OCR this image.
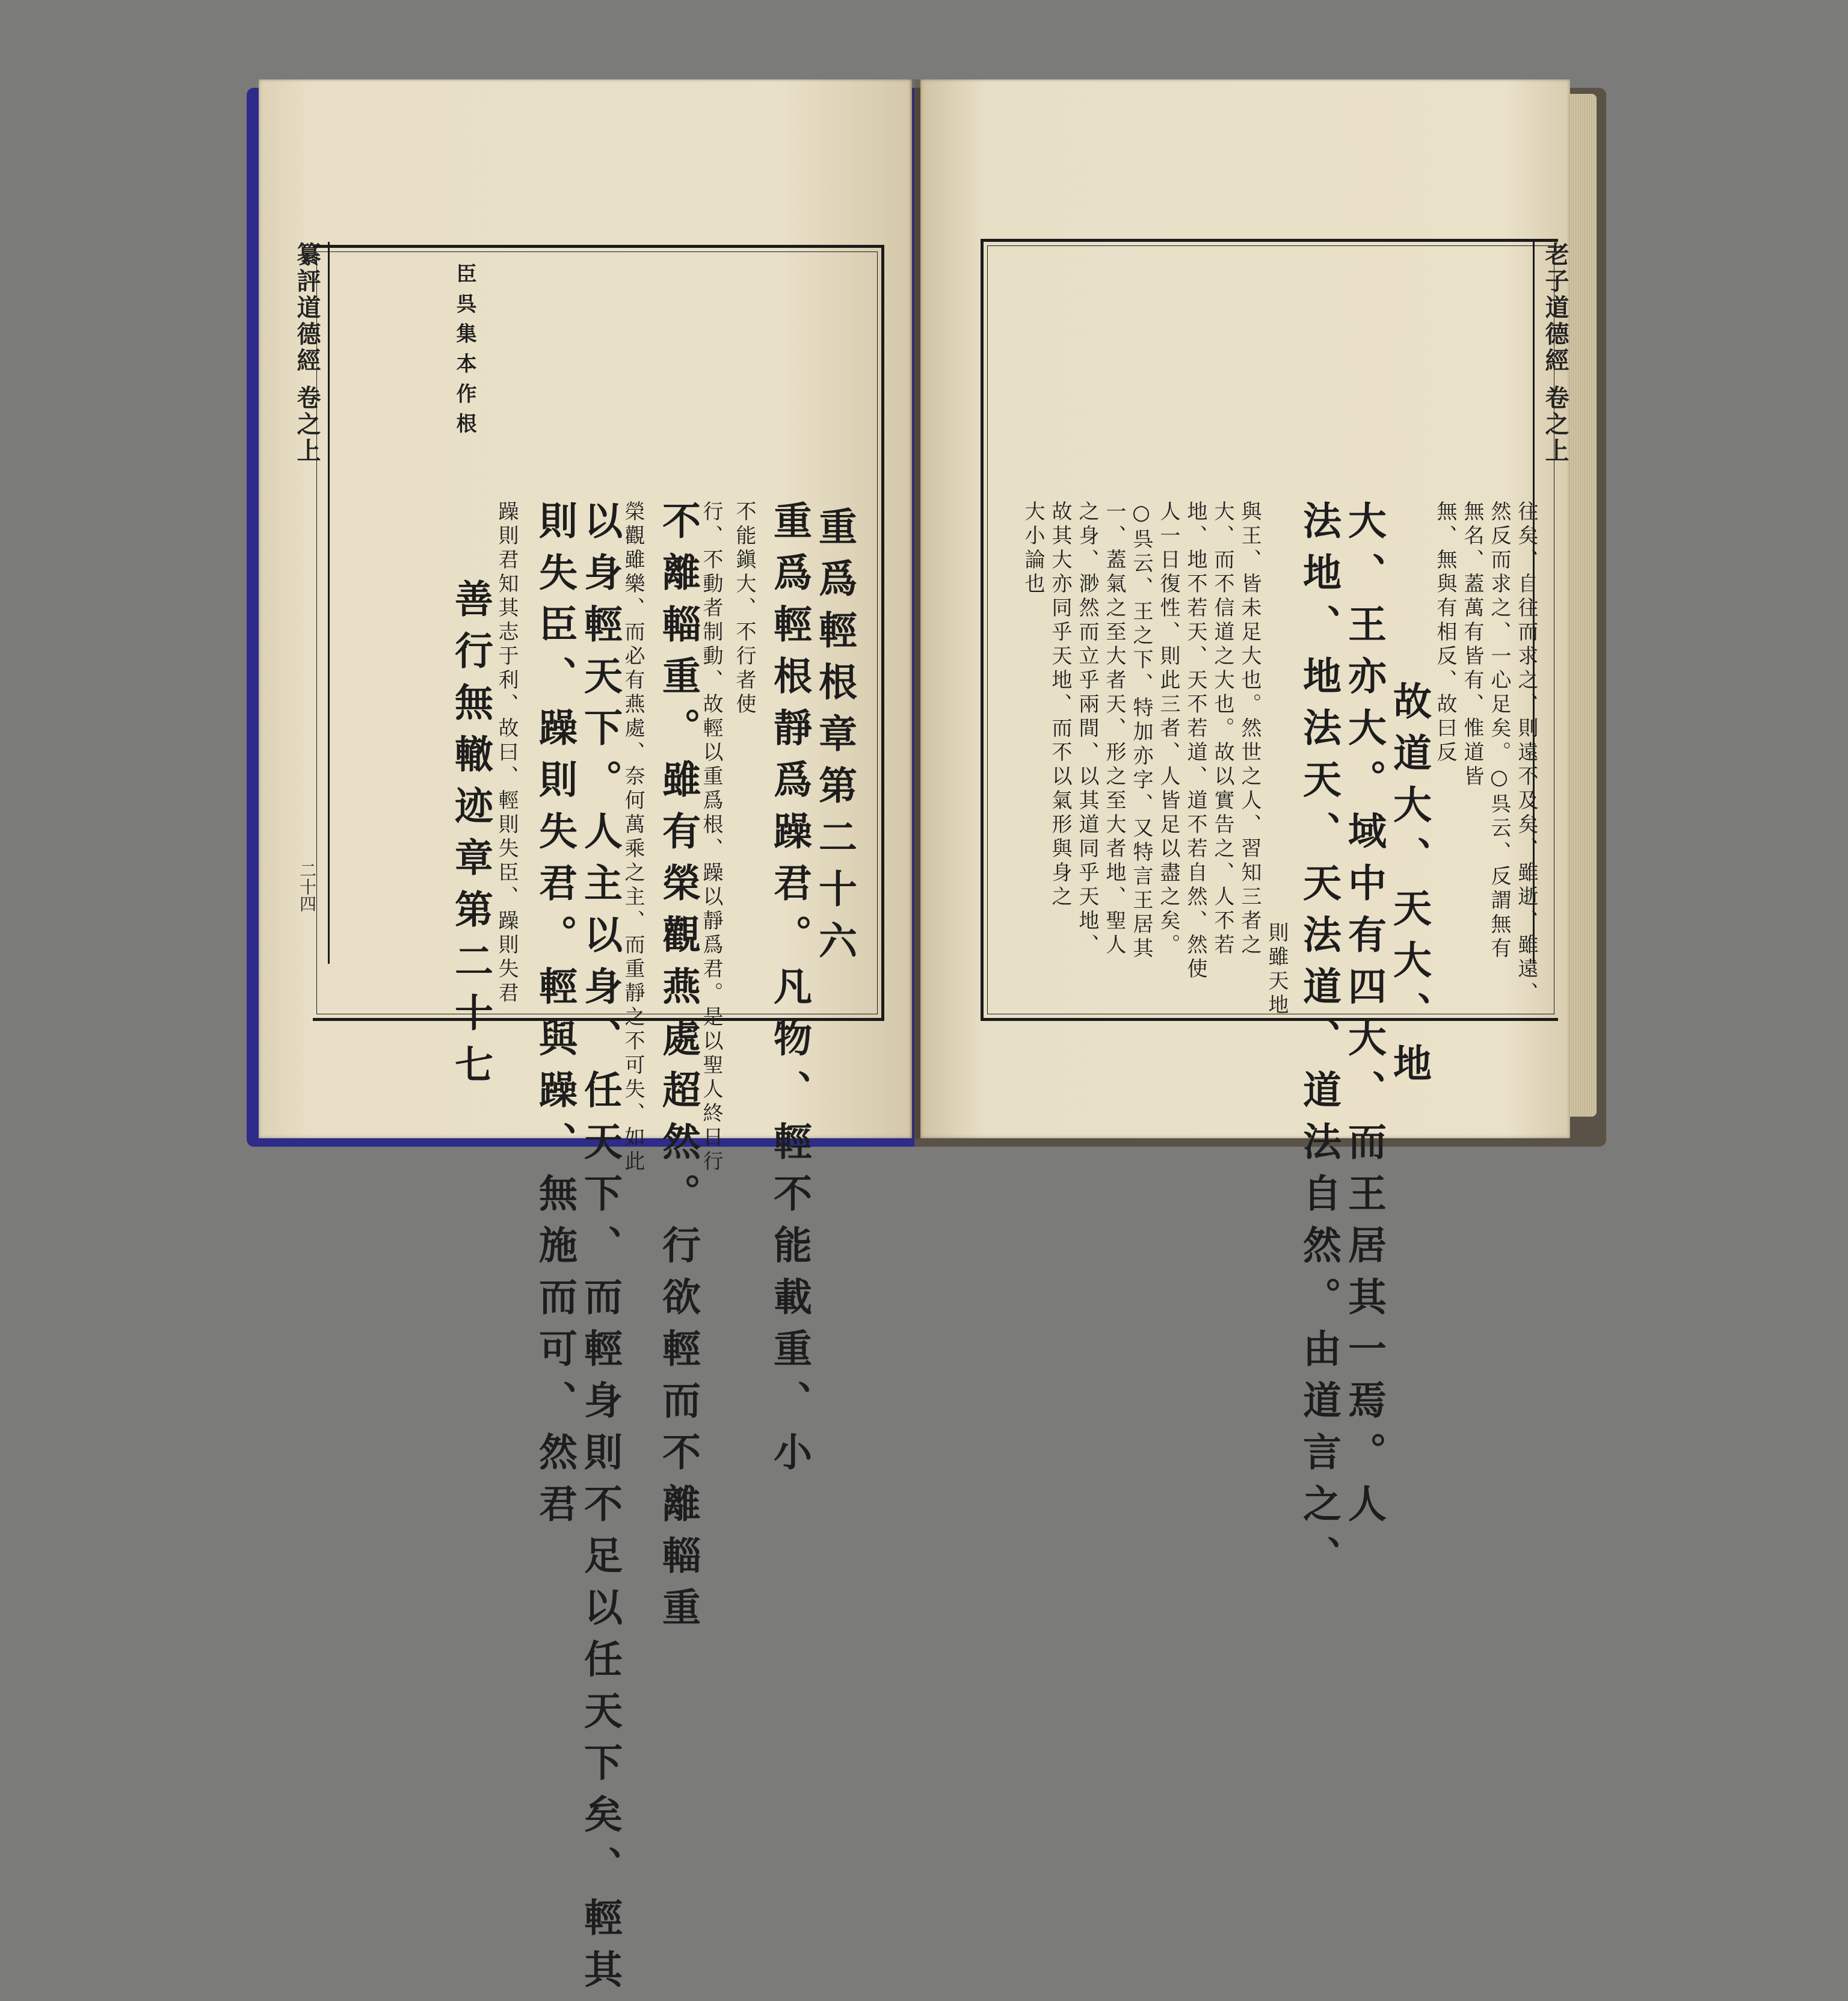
纂評道德經 卷之上
二十四
臣 呉 集 本 作 根
重爲輕根章第二十六
重爲輕根靜爲躁君。凡物、輕不能載重、小
不能鎭大、不行者使
行、不動者制動、故輕以重爲根、躁以靜爲君。是以聖人終日行
不離輜重。雖有榮觀燕處超然。行欲輕而不離輜重
榮觀雖樂、而必有燕處、奈何萬乘之主、而重靜之不可失、如此
以身輕天下。人主以身、任天下、而輕身則不足以任天下矣、輕其
則失臣、躁則失君。輕與躁、無施而可、然君
躁則君知其志于利、故曰、輕則失臣、躁則失君
善行無轍迹章第二十七
老子道德經 卷之上
往矣、自往而求之、則遠不及矣、雖逝、雖遠、
然反而求之、一心足矣。○呉云、反謂無有
無名、蓋萬有皆有、惟道皆
無、無與有相反、故曰反
故道大、天大、地
大、王亦大。域中有四大、而王居其一焉。人
法地、地法天、天法道、道法自然。由道言之、
則雖天地
與王、皆未足大也。然世之人、習知三者之
大、而不信道之大也。故以實告之、人不若
地、地不若天、天不若道、道不若自然、然使
人一日復性、則此三者、人皆足以盡之矣。
○呉云、王之下、特加亦字、又特言王居其
一、蓋氣之至大者天、形之至大者地、聖人
之身、渺然而立乎兩間、以其道同乎天地、
故其大亦同乎天地、而不以氣形與身之
大小論也
